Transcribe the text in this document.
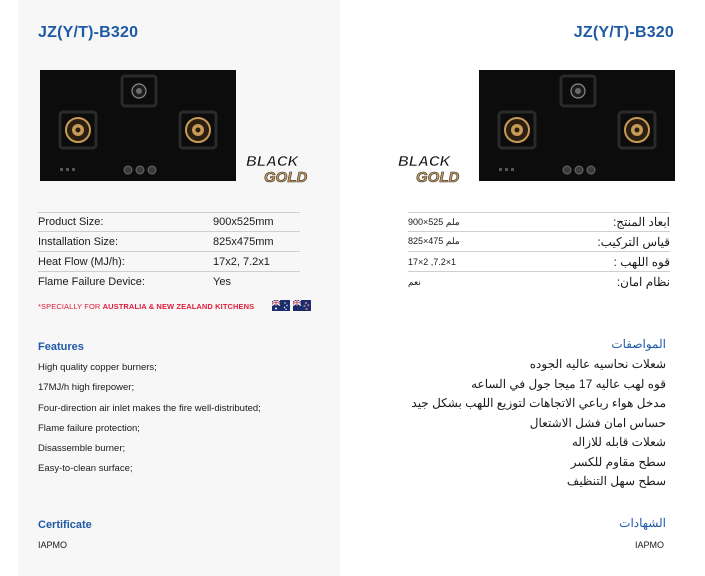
JZ(Y/T)-B320
BLACK
GOLD
Product Size:	900x525mm
Installation Size:	825x475mm
Heat Flow (MJ/h):	17x2, 7.2x1
Flame Failure Device:	Yes
*SPECIALLY FOR AUSTRALIA & NEW ZEALAND KITCHENS
Features
High quality copper burners;
17MJ/h high firepower;
Four-direction air inlet makes the fire well-distributed;
Flame failure protection;
Disassemble burner;
Easy-to-clean surface;
Certificate
IAPMO
JZ(Y/T)-B320
BLACK
GOLD
ملم 525×900	ابعاد المنتج:
ملم 475×825	قياس التركيب:
17×2 ,7.2×1	قوه اللهب :
نعم	نظام امان:
المواصفات
شعلات نحاسيه عاليه الجوده
قوه لهب عاليه 17 ميجا جول في الساعه
مدخل هواء رباعي الاتجاهات لتوزيع اللهب بشكل جيد
حساس امان فشل الاشتعال
شعلات قابله للازاله
سطح مقاوم للكسر
سطح سهل التنظيف
الشهادات
IAPMO
